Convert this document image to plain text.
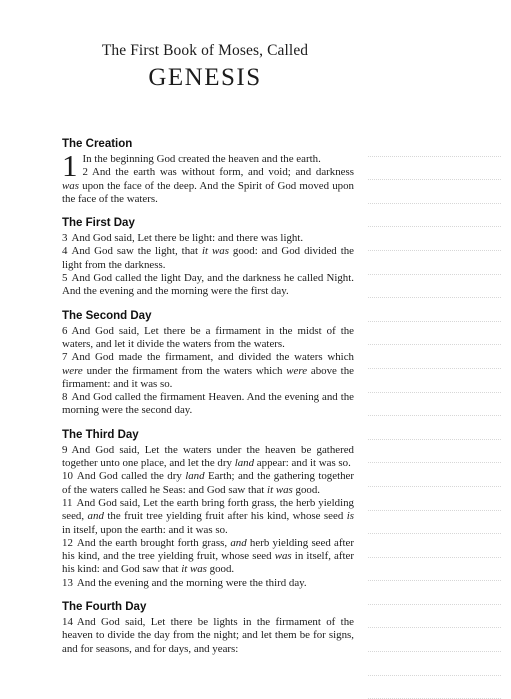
The First Book of Moses, Called
GENESIS
The Creation

1 In the beginning God created the heaven and the earth.

2 And the earth was without form, and void; and darkness was upon the face of the deep. And the Spirit of God moved upon the face of the waters.

The First Day

3 And God said, Let there be light: and there was light.

4 And God saw the light, that it was good: and God divided the light from the darkness.

5 And God called the light Day, and the darkness he called Night. And the evening and the morning were the first day.

The Second Day

6 And God said, Let there be a firmament in the midst of the waters, and let it divide the waters from the waters.

7 And God made the firmament, and divided the waters which were under the firmament from the waters which were above the firmament: and it was so.

8 And God called the firmament Heaven. And the evening and the morning were the second day.

The Third Day

9 And God said, Let the waters under the heaven be gathered together unto one place, and let the dry land appear: and it was so.

10 And God called the dry land Earth; and the gathering together of the waters called he Seas: and God saw that it was good.

11 And God said, Let the earth bring forth grass, the herb yielding seed, and the fruit tree yielding fruit after his kind, whose seed is in itself, upon the earth: and it was so.

12 And the earth brought forth grass, and herb yielding seed after his kind, and the tree yielding fruit, whose seed was in itself, after his kind: and God saw that it was good.

13 And the evening and the morning were the third day.

The Fourth Day

14 And God said, Let there be lights in the firmament of the heaven to divide the day from the night; and let them be for signs, and for seasons, and for days, and years:
